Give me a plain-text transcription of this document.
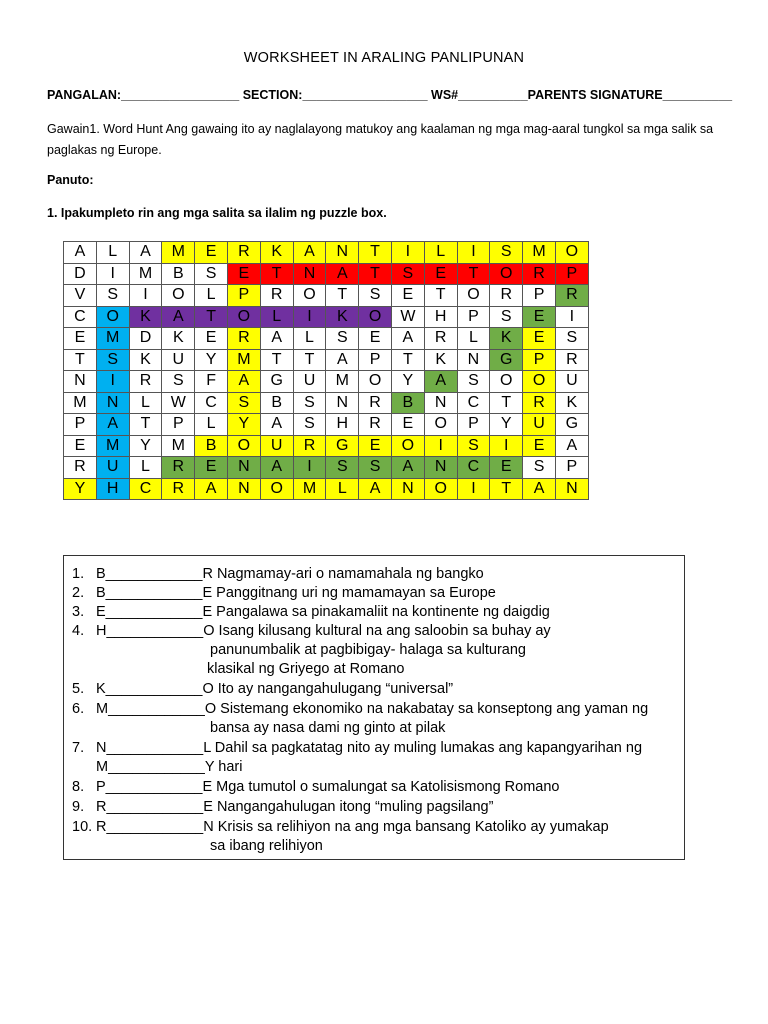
WORKSHEET IN ARALING PANLIPUNAN
PANGALAN:_________________ SECTION:__________________ WS#__________PARENTS SIGNATURE__________
Gawain1. Word Hunt Ang gawaing ito ay naglalayong matukoy ang kaalaman ng mga mag-aaral tungkol sa mga salik sa paglakas ng Europe.
Panuto:
1. Ipakumpleto rin ang mga salita sa ilalim ng puzzle box.
A	L	A	M	E	R	K	A	N	T	I	L	I	S	M	O
D	I	M	B	S	E	T	N	A	T	S	E	T	O	R	P
V	S	I	O	L	P	R	O	T	S	E	T	O	R	P	R
C	O	K	A	T	O	L	I	K	O	W	H	P	S	E	I
E	M	D	K	E	R	A	L	S	E	A	R	L	K	E	S
T	S	K	U	Y	M	T	T	A	P	T	K	N	G	P	R
N	I	R	S	F	A	G	U	M	O	Y	A	S	O	O	U
M	N	L	W	C	S	B	S	N	R	B	N	C	T	R	K
P	A	T	P	L	Y	A	S	H	R	E	O	P	Y	U	G
E	M	Y	M	B	O	U	R	G	E	O	I	S	I	E	A
R	U	L	R	E	N	A	I	S	S	A	N	C	E	S	P
Y	H	C	R	A	N	O	M	L	A	N	O	I	T	A	N
1. B____________R Nagmamay-ari o namamahala ng bangko
2. B____________E Panggitnang uri ng mamamayan sa Europe
3. E____________E Pangalawa sa pinakamaliit na kontinente ng daigdig
4. H____________O Isang kilusang kultural na ang saloobin sa buhay ay
panunumbalik at pagbibigay- halaga sa kulturang
klasikal ng Griyego at Romano
5. K____________O Ito ay nangangahulugang “universal”
6. M____________O Sistemang ekonomiko na nakabatay sa konseptong ang yaman ng
bansa ay nasa dami ng ginto at pilak
7. N____________L Dahil sa pagkatatag nito ay muling lumakas ang kapangyarihan ng
M____________Y hari
8. P____________E Mga tumutol o sumalungat sa Katolisismong Romano
9. R____________E Nangangahulugan itong “muling pagsilang”
10. R____________N Krisis sa relihiyon na ang mga bansang Katoliko ay yumakap
sa ibang relihiyon
